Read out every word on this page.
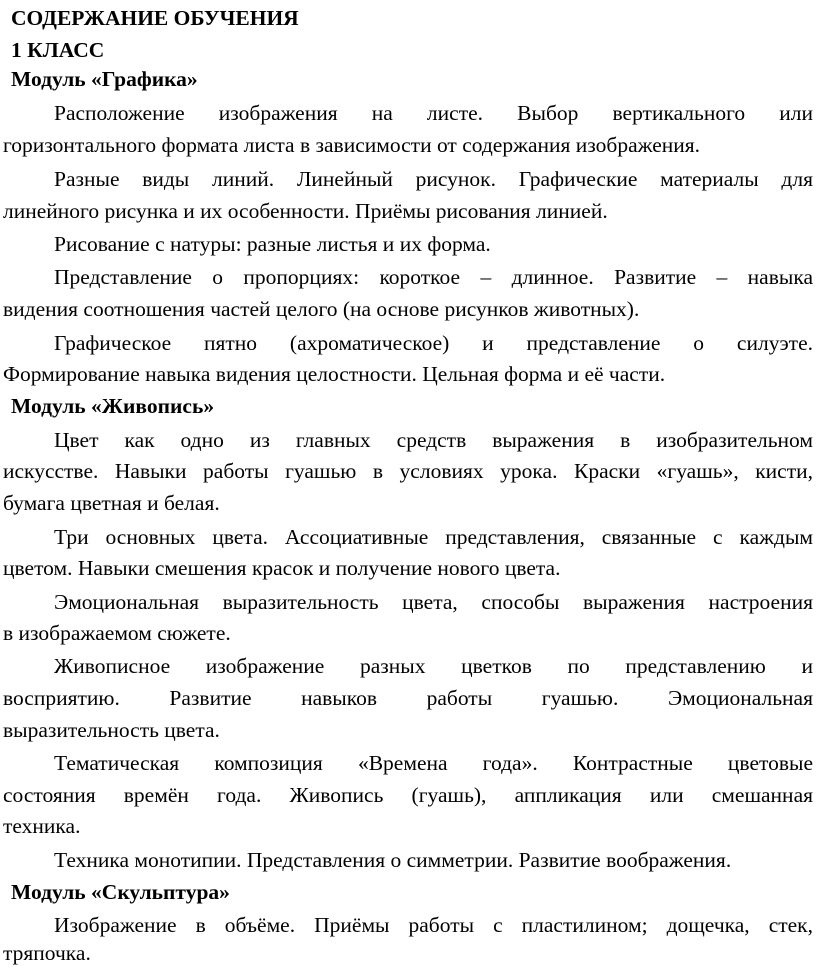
СОДЕРЖАНИЕ ОБУЧЕНИЯ
1 КЛАСС
Модуль «Графика»
Расположение изображения на листе. Выбор вертикального или
горизонтального формата листа в зависимости от содержания изображения.
Разные виды линий. Линейный рисунок. Графические материалы для
линейного рисунка и их особенности. Приёмы рисования линией.
Рисование с натуры: разные листья и их форма.
Представление о пропорциях: короткое – длинное. Развитие – навыка
видения соотношения частей целого (на основе рисунков животных).
Графическое пятно (ахроматическое) и представление о силуэте.
Формирование навыка видения целостности. Цельная форма и её части.
Модуль «Живопись»
Цвет как одно из главных средств выражения в изобразительном
искусстве. Навыки работы гуашью в условиях урока. Краски «гуашь», кисти,
бумага цветная и белая.
Три основных цвета. Ассоциативные представления, связанные с каждым
цветом. Навыки смешения красок и получение нового цвета.
Эмоциональная выразительность цвета, способы выражения настроения
в изображаемом сюжете.
Живописное изображение разных цветков по представлению и
восприятию. Развитие навыков работы гуашью. Эмоциональная
выразительность цвета.
Тематическая композиция «Времена года». Контрастные цветовые
состояния времён года. Живопись (гуашь), аппликация или смешанная
техника.
Техника монотипии. Представления о симметрии. Развитие воображения.
Модуль «Скульптура»
Изображение в объёме. Приёмы работы с пластилином; дощечка, стек,
тряпочка.
